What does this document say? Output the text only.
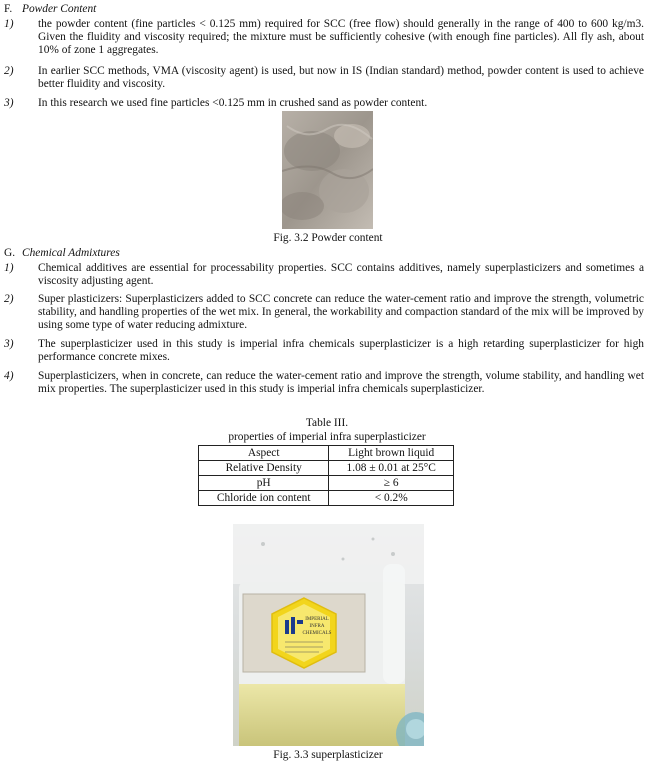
F. Powder Content
1)	the powder content (fine particles < 0.125 mm) required for SCC (free flow) should generally in the range of 400 to 600 kg/m3. Given the fluidity and viscosity required; the mixture must be sufficiently cohesive (with enough fine particles). All fly ash, about 10% of zone 1 aggregates.
2)	In earlier SCC methods, VMA (viscosity agent) is used, but now in IS (Indian standard) method, powder content is used to achieve better fluidity and viscosity.
3)	In this research we used fine particles <0.125 mm in crushed sand as powder content.
Fig. 3.2 Powder content
G. Chemical Admixtures
1)	Chemical additives are essential for processability properties. SCC contains additives, namely superplasticizers and sometimes a viscosity adjusting agent.
2)	Super plasticizers: Superplasticizers added to SCC concrete can reduce the water-cement ratio and improve the strength, volumetric stability, and handling properties of the wet mix. In general, the workability and compaction standard of the mix will be improved by using some type of water reducing admixture.
3)	The superplasticizer used in this study is imperial infra chemicals superplasticizer is a high retarding superplasticizer for high performance concrete mixes.
4)	Superplasticizers, when in concrete, can reduce the water-cement ratio and improve the strength, volume stability, and handling wet mix properties. The superplasticizer used in this study is imperial infra chemicals superplasticizer.
Table III.
properties of imperial infra superplasticizer
Aspect	Light brown liquid
Relative Density	1.08 ± 0.01 at 25°C
pH	≥ 6
Chloride ion content	< 0.2%
IMPERIAL
INFRA
CHEMICALS
Fig. 3.3 superplasticizer
